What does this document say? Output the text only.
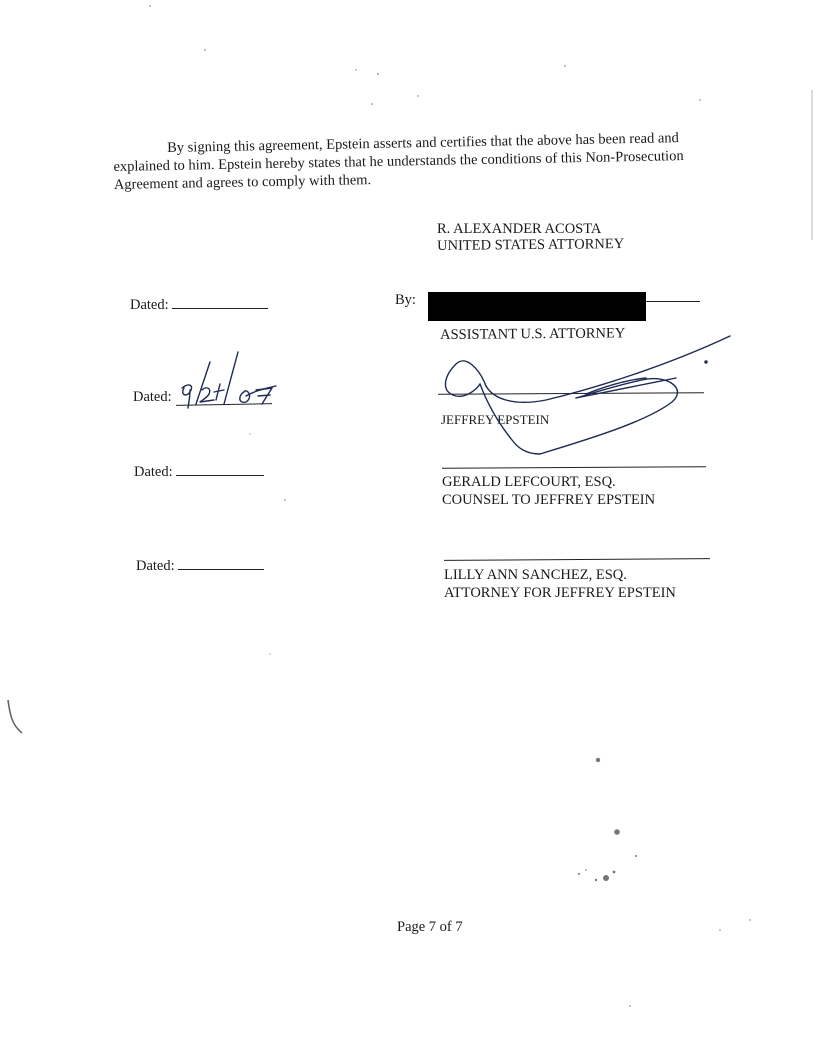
By signing this agreement, Epstein asserts and certifies that the above has been read and explained to him. Epstein hereby states that he understands the conditions of this Non-Prosecution Agreement and agrees to comply with them.

R. ALEXANDER ACOSTA
UNITED STATES ATTORNEY
Dated:	By:
ASSISTANT U.S. ATTORNEY
Dated:
JEFFREY EPSTEIN
Dated:
GERALD LEFCOURT, ESQ.
COUNSEL TO JEFFREY EPSTEIN
Dated:
LILLY ANN SANCHEZ, ESQ.
ATTORNEY FOR JEFFREY EPSTEIN
Page 7 of 7
